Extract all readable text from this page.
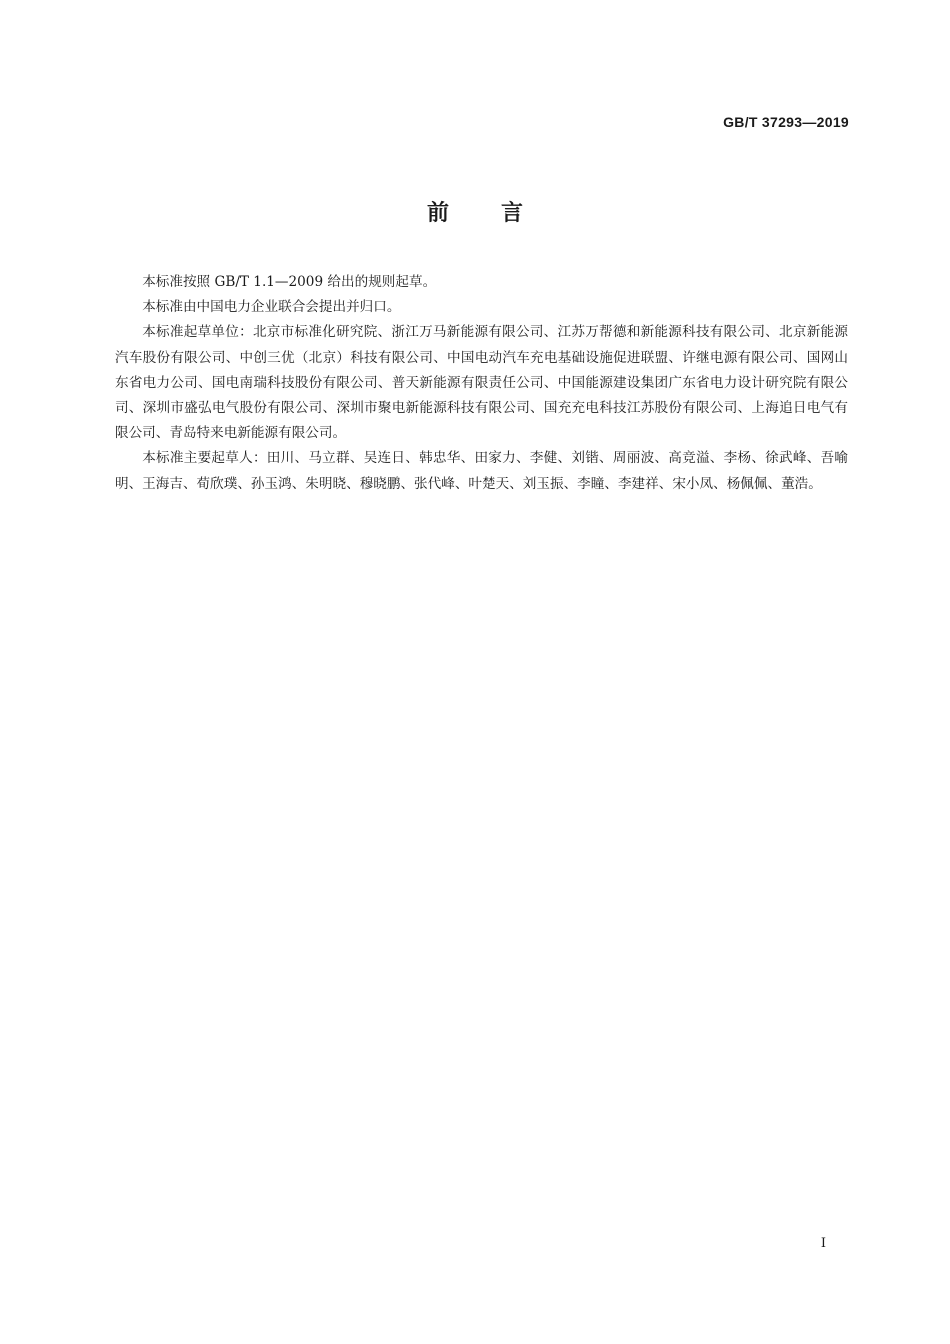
GB/T 37293—2019
前 言

本标准按照 GB/T 1.1—2009 给出的规则起草。

本标准由中国电力企业联合会提出并归口。

本标准起草单位：北京市标准化研究院、浙江万马新能源有限公司、江苏万帮德和新能源科技有限公司、北京新能源汽车股份有限公司、中创三优（北京）科技有限公司、中国电动汽车充电基础设施促进联盟、许继电源有限公司、国网山东省电力公司、国电南瑞科技股份有限公司、普天新能源有限责任公司、中国能源建设集团广东省电力设计研究院有限公司、深圳市盛弘电气股份有限公司、深圳市聚电新能源科技有限公司、国充充电科技江苏股份有限公司、上海追日电气有限公司、青岛特来电新能源有限公司。

本标准主要起草人：田川、马立群、吴连日、韩忠华、田家力、李健、刘锴、周丽波、高竞溢、李杨、徐武峰、吾喻明、王海吉、荀欣璞、孙玉鸿、朱明晓、穆晓鹏、张代峰、叶楚天、刘玉振、李瞳、李建祥、宋小凤、杨佩佩、董浩。

I
